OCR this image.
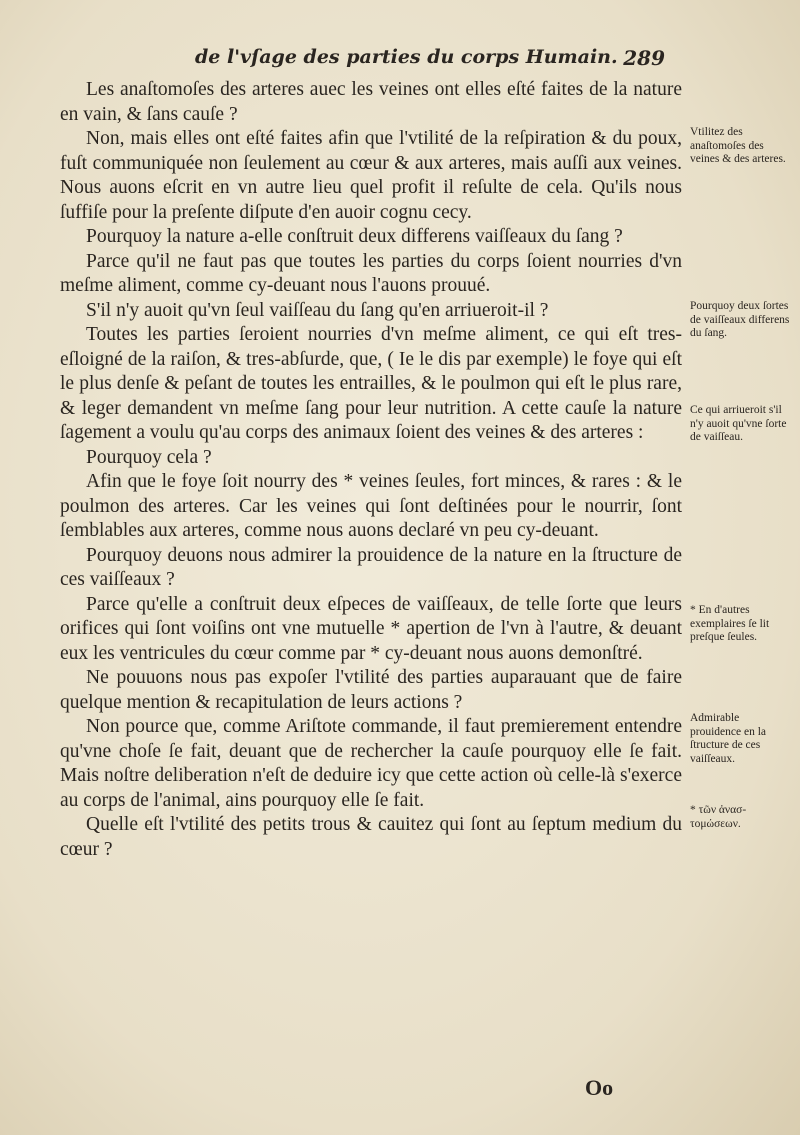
de l'vſage des parties du corps Humain. 289

Les anaſtomoſes des arteres auec les veines ont elles eſté faites de la nature en vain, & ſans cauſe ?

Non, mais elles ont eſté faites afin que l'vtilité de la reſpiration & du poux, fuſt communiquée non ſeulement au cœur & aux arteres, mais auſſi aux veines. Nous auons eſcrit en vn autre lieu quel profit il reſulte de cela. Qu'ils nous ſuffiſe pour la preſente diſpute d'en auoir cognu cecy.

Pourquoy la nature a-elle conſtruit deux differens vaiſſeaux du ſang ?

Parce qu'il ne faut pas que toutes les parties du corps ſoient nourries d'vn meſme aliment, comme cy-deuant nous l'auons prouué.

S'il n'y auoit qu'vn ſeul vaiſſeau du ſang qu'en arriueroit-il ?

Toutes les parties ſeroient nourries d'vn meſme aliment, ce qui eſt tres-eſloigné de la raiſon, & tres-abſurde, que, ( Ie le dis par exemple) le foye qui eſt le plus denſe & peſant de toutes les entrailles, & le poulmon qui eſt le plus rare, & leger demandent vn meſme ſang pour leur nutrition. A cette cauſe la nature ſagement a voulu qu'au corps des animaux ſoient des veines & des arteres :

Pourquoy cela ?

Afin que le foye ſoit nourry des * veines ſeules, fort minces, & rares : & le poulmon des arteres. Car les veines qui ſont deſtinées pour le nourrir, ſont ſemblables aux arteres, comme nous auons declaré vn peu cy-deuant.

Pourquoy deuons nous admirer la prouidence de la nature en la ſtructure de ces vaiſſeaux ?

Parce qu'elle a conſtruit deux eſpeces de vaiſſeaux, de telle ſorte que leurs orifices qui ſont voiſins ont vne mutuelle * apertion de l'vn à l'autre, & deuant eux les ventricules du cœur comme par * cy-deuant nous auons demonſtré.

Ne pouuons nous pas expoſer l'vtilité des parties auparauant que de faire quelque mention & recapitulation de leurs actions ?

Non pource que, comme Ariſtote commande, il faut premierement entendre qu'vne choſe ſe fait, deuant que de rechercher la cauſe pourquoy elle ſe fait. Mais noſtre deliberation n'eſt de deduire icy que cette action où celle-là s'exerce au corps de l'animal, ains pourquoy elle ſe fait.

Quelle eſt l'vtilité des petits trous & cauitez qui ſont au ſeptum medium du cœur ?

Vtilitez des anaſtomoſes des veines & des arteres.
Pourquoy deux ſortes de vaiſſeaux differens du ſang.
Ce qui arriueroit s'il n'y auoit qu'vne ſorte de vaiſſeau.
* En d'autres exemplaires ſe lit preſque ſeules.
Admirable prouidence en la ſtructure de ces vaiſſeaux.
* τῶν ἀνασ-τομώσεων.
Oo
